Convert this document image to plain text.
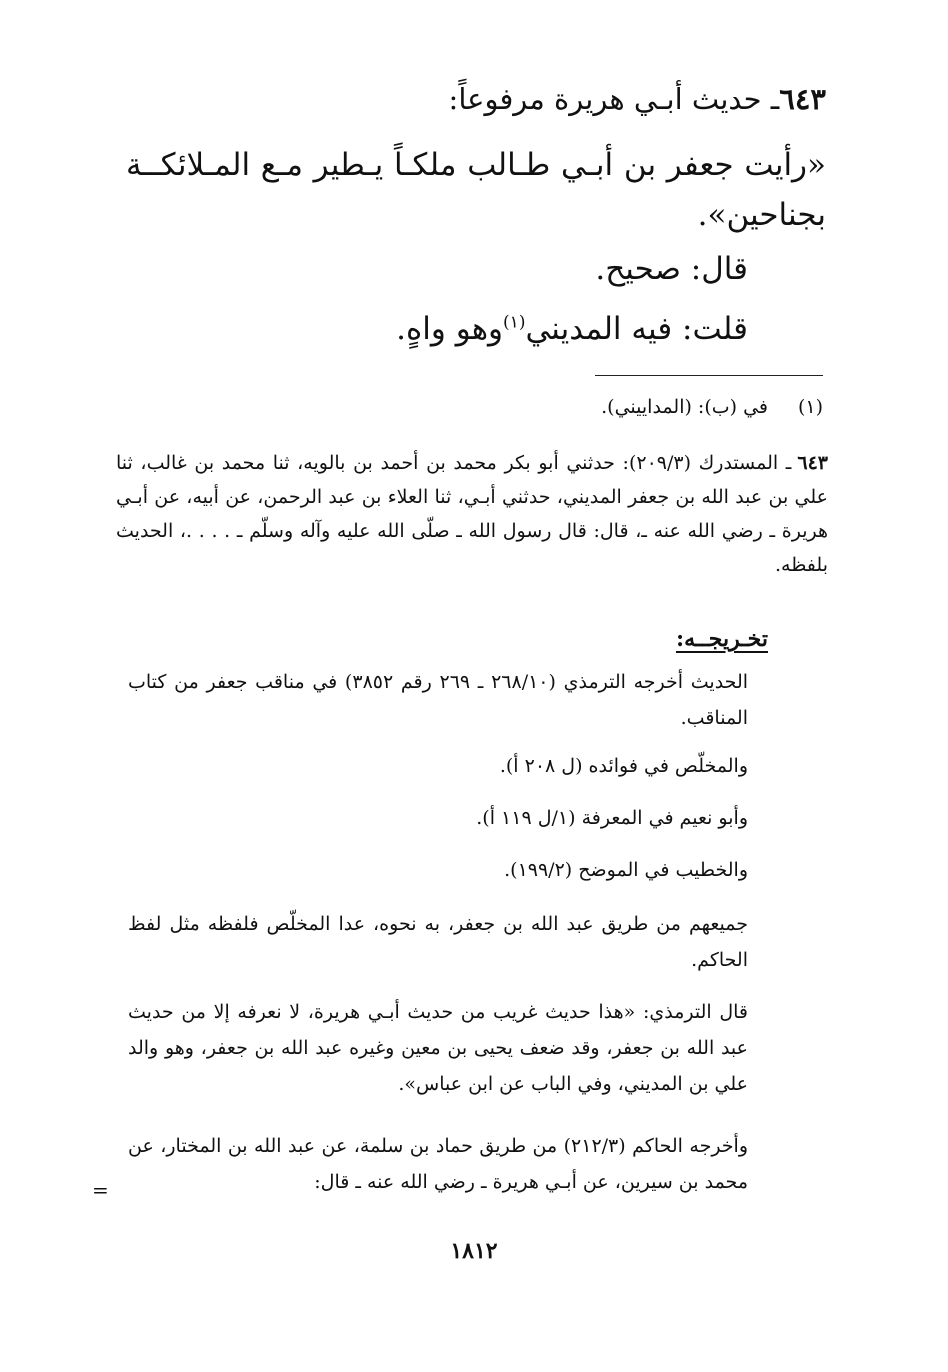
٦٤٣ـ حديث أبـي هريرة مرفوعاً:
«رأيت جعفر بن أبـي طـالب ملكـاً يـطير مـع المـلائكــة بجناحين».
قال: صحيح.
قلت: فيه المديني$^{(١)}$وهو واهٍ.
(١)في (ب): (المداييني).
٦٤٣ـ المستدرك (٢٠٩/٣): حدثني أبو بكر محمد بن أحمد بن بالويه، ثنا محمد بن غالب، ثنا علي بن عبد الله بن جعفر المديني، حدثني أبـي، ثنا العلاء بن عبد الرحمن، عن أبيه، عن أبـي هريرة ـ رضي الله عنه ـ، قال: قال رسول الله ـ صلّى الله عليه وآله وسلّم ـ . . . .، الحديث بلفظه.
تخـريجــه:
الحديث أخرجه الترمذي (٢٦٨/١٠ ـ ٢٦٩ رقم ٣٨٥٢) في مناقب جعفر من كتاب المناقب.
والمخلّص في فوائده (ل ٢٠٨ أ).
وأبو نعيم في المعرفة (١/ل ١١٩ أ).
والخطيب في الموضح (١٩٩/٢).
جميعهم من طريق عبد الله بن جعفر، به نحوه، عدا المخلّص فلفظه مثل لفظ الحاكم.
قال الترمذي: «هذا حديث غريب من حديث أبـي هريرة، لا نعرفه إلا من حديث عبد الله بن جعفر، وقد ضعف يحيى بن معين وغيره عبد الله بن جعفر، وهو والد علي بن المديني، وفي الباب عن ابن عباس».
وأخرجه الحاكم (٢١٢/٣) من طريق حماد بن سلمة، عن عبد الله بن المختار، عن محمد بن سيرين، عن أبـي هريرة ـ رضي الله عنه ـ قال:
=
١٨١٢
